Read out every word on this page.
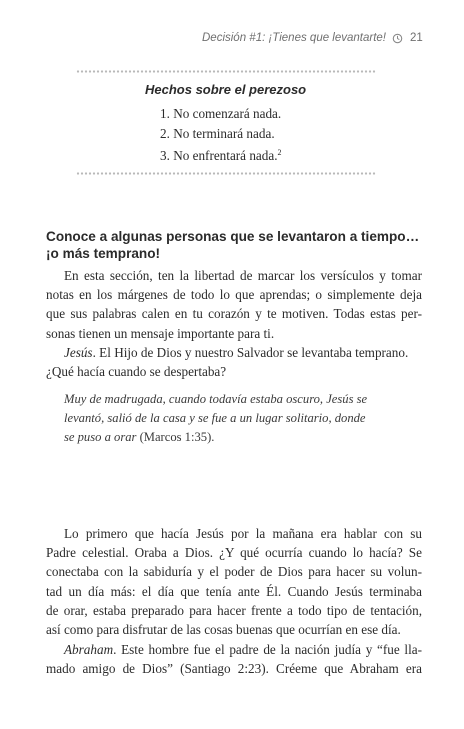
Decisión #1: ¡Tienes que levantarte! 21
Hechos sobre el perezoso
1. No comenzará nada.
2. No terminará nada.
3. No enfrentará nada.$^2$
Conoce a algunas personas que se levantaron a tiempo…
¡o más temprano!
En esta sección, ten la libertad de marcar los versículos y tomar
notas en los márgenes de todo lo que aprendas; o simplemente deja
que sus palabras calen en tu corazón y te motiven. Todas estas per-
sonas tienen un mensaje importante para ti.
Jesús. El Hijo de Dios y nuestro Salvador se levantaba temprano.
¿Qué hacía cuando se despertaba?
Muy de madrugada, cuando todavía estaba oscuro, Jesús se
levantó, salió de la casa y se fue a un lugar solitario, donde
se puso a orar (Marcos 1:35).
Lo primero que hacía Jesús por la mañana era hablar con su
Padre celestial. Oraba a Dios. ¿Y qué ocurría cuando lo hacía? Se
conectaba con la sabiduría y el poder de Dios para hacer su volun-
tad un día más: el día que tenía ante Él. Cuando Jesús terminaba
de orar, estaba preparado para hacer frente a todo tipo de tentación,
así como para disfrutar de las cosas buenas que ocurrían en ese día.
Abraham. Este hombre fue el padre de la nación judía y “fue lla-
mado amigo de Dios” (Santiago 2:23). Créeme que Abraham era
